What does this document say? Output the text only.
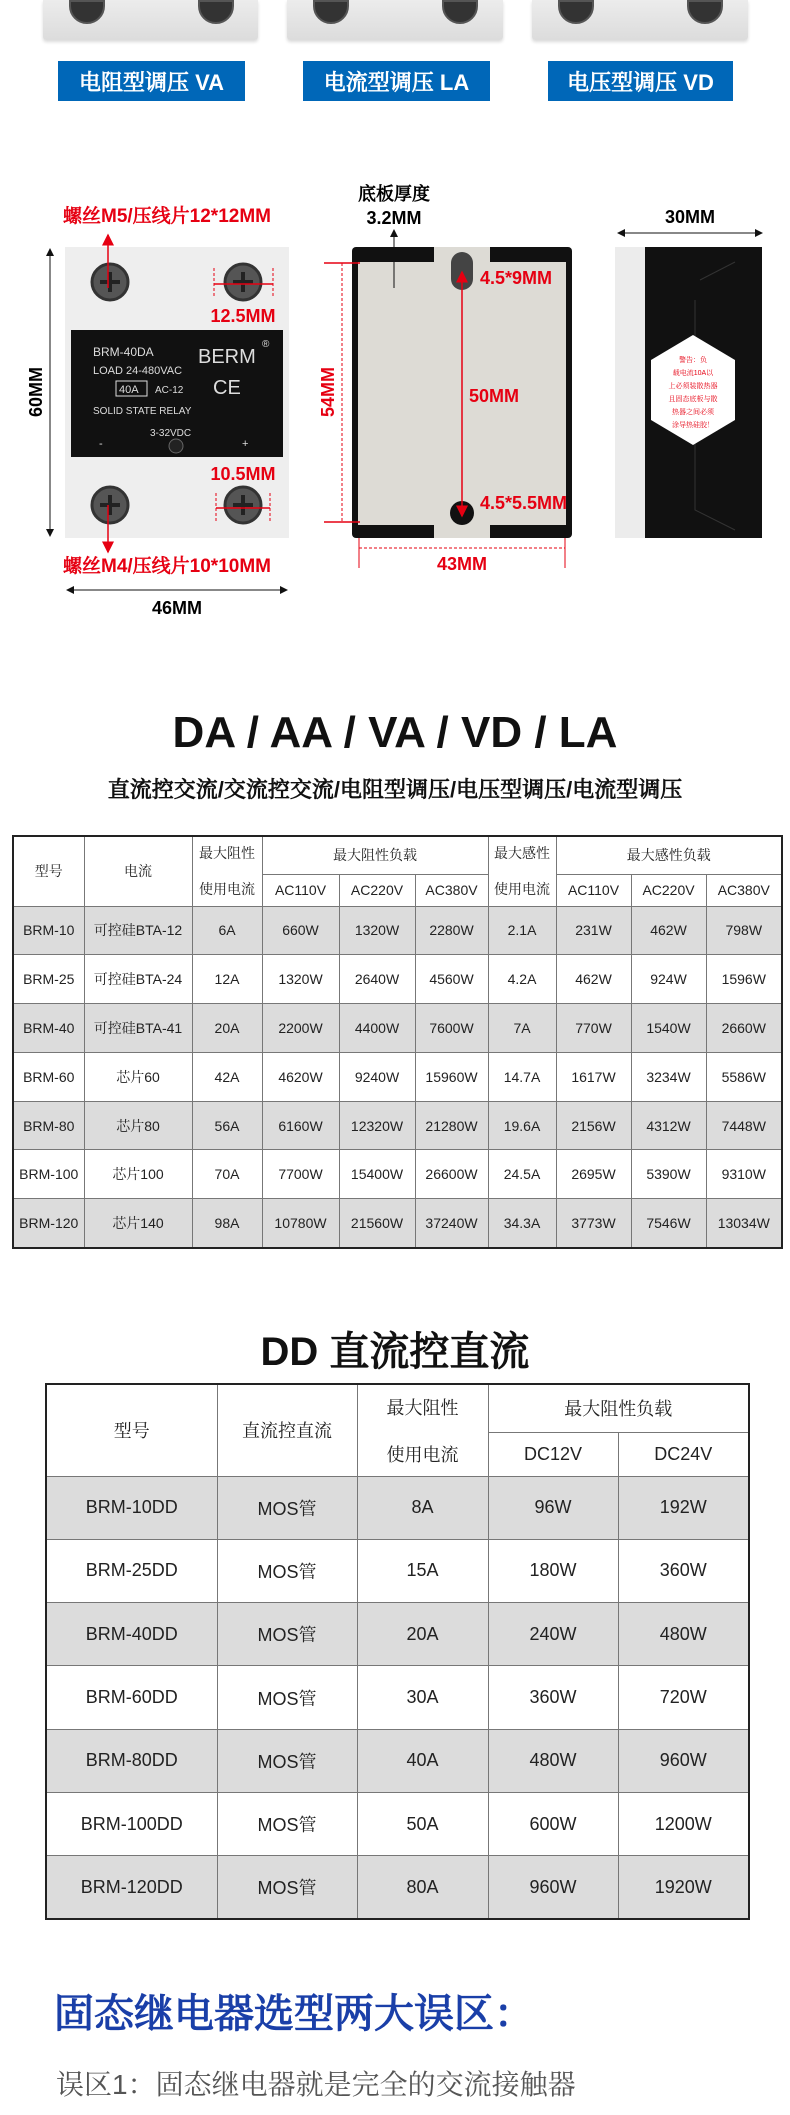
电阻型调压 VA	电流型调压 LA	电压型调压 VD
BRM-40DA
LOAD 24-480VAC
40A AC-12
SOLID STATE RELAY
3-32VDC
-	+
BERM
®
CE
螺丝M5/压线片12*12MM
螺丝M4/压线片10*10MM
12.5MM
10.5MM
60MM
46MM
底板厚度
3.2MM
4.5*9MM
50MM
4.5*5.5MM
54MM
43MM
警告：负
载电流10A以
上必须装散热器
且固态底板与散
热器之间必须
涂导热硅胶！
30MM
DA / AA / VA / VD / LA
直流控交流/交流控交流/电阻型调压/电压型调压/电流型调压
型号	电流	最大阻性

使用电流	最大阻性负载			最大感性

使用电流	最大感性负载		
			AC110V	AC220V	AC380V		AC110V	AC220V	AC380V
BRM-10	可控硅BTA-12	6A	660W	1320W	2280W	2.1A	231W	462W	798W
BRM-25	可控硅BTA-24	12A	1320W	2640W	4560W	4.2A	462W	924W	1596W
BRM-40	可控硅BTA-41	20A	2200W	4400W	7600W	7A	770W	1540W	2660W
BRM-60	芯片60	42A	4620W	9240W	15960W	14.7A	1617W	3234W	5586W
BRM-80	芯片80	56A	6160W	12320W	21280W	19.6A	2156W	4312W	7448W
BRM-100	芯片100	70A	7700W	15400W	26600W	24.5A	2695W	5390W	9310W
BRM-120	芯片140	98A	10780W	21560W	37240W	34.3A	3773W	7546W	13034W
DD 直流控直流
型号	直流控直流	最大阻性

使用电流	最大阻性负载	
			DC12V	DC24V
BRM-10DD	MOS管	8A	96W	192W
BRM-25DD	MOS管	15A	180W	360W
BRM-40DD	MOS管	20A	240W	480W
BRM-60DD	MOS管	30A	360W	720W
BRM-80DD	MOS管	40A	480W	960W
BRM-100DD	MOS管	50A	600W	1200W
BRM-120DD	MOS管	80A	960W	1920W
固态继电器选型两大误区：
误区1：固态继电器就是完全的交流接触器
